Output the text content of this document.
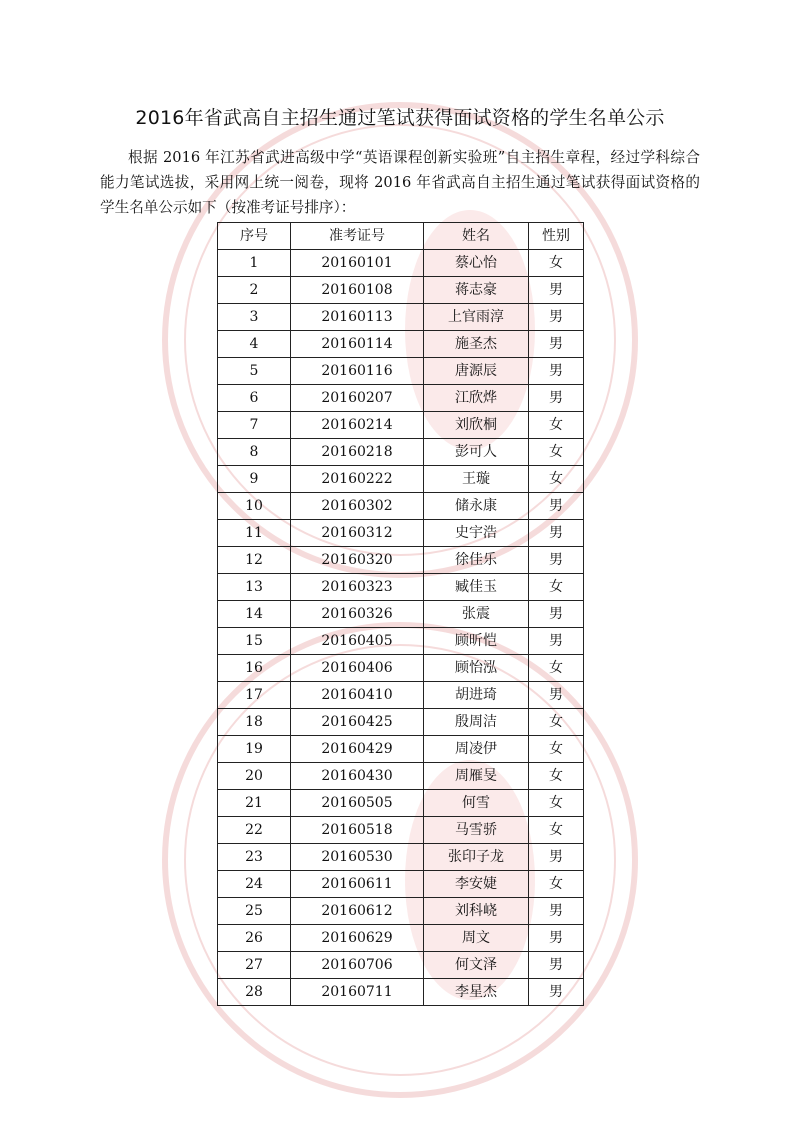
2016年省武高自主招生通过笔试获得面试资格的学生名单公示

根据 2016 年江苏省武进高级中学“英语课程创新实验班”自主招生章程，经过学科综合能力笔试选拔，采用网上统一阅卷，现将 2016 年省武高自主招生通过笔试获得面试资格的学生名单公示如下（按准考证号排序）：

序号	准考证号	姓名	性别
1	20160101	蔡心怡	女
2	20160108	蒋志豪	男
3	20160113	上官雨淳	男
4	20160114	施圣杰	男
5	20160116	唐源辰	男
6	20160207	江欣烨	男
7	20160214	刘欣桐	女
8	20160218	彭可人	女
9	20160222	王璇	女
10	20160302	储永康	男
11	20160312	史宇浩	男
12	20160320	徐佳乐	男
13	20160323	臧佳玉	女
14	20160326	张震	男
15	20160405	顾昕恺	男
16	20160406	顾怡泓	女
17	20160410	胡进琦	男
18	20160425	殷周洁	女
19	20160429	周凌伊	女
20	20160430	周雁旻	女
21	20160505	何雪	女
22	20160518	马雪骄	女
23	20160530	张印子龙	男
24	20160611	李安婕	女
25	20160612	刘科峣	男
26	20160629	周文	男
27	20160706	何文泽	男
28	20160711	李星杰	男
